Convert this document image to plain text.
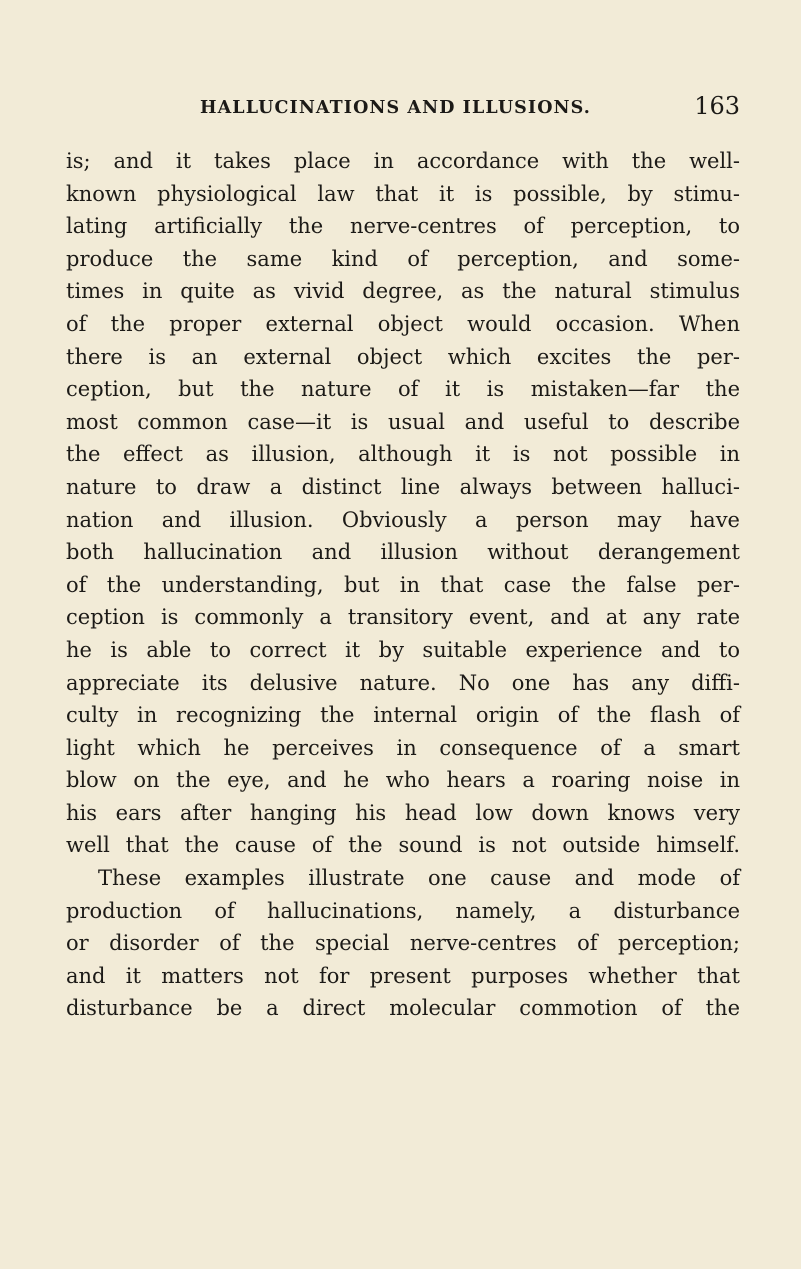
HALLUCINATIONS AND ILLUSIONS.	163
is; and it takes place in accordance with the well-
known physiological law that it is possible, by stimu-
lating artificially the nerve-centres of perception, to
produce the same kind of perception, and some-
times in quite as vivid degree, as the natural stimulus
of the proper external object would occasion. When
there is an external object which excites the per-
ception, but the nature of it is mistaken—far the
most common case—it is usual and useful to describe
the effect as illusion, although it is not possible in
nature to draw a distinct line always between halluci-
nation and illusion. Obviously a person may have
both hallucination and illusion without derangement
of the understanding, but in that case the false per-
ception is commonly a transitory event, and at any rate
he is able to correct it by suitable experience and to
appreciate its delusive nature. No one has any diffi-
culty in recognizing the internal origin of the flash of
light which he perceives in consequence of a smart
blow on the eye, and he who hears a roaring noise in
his ears after hanging his head low down knows very
well that the cause of the sound is not outside himself.
These examples illustrate one cause and mode of
production of hallucinations, namely, a disturbance
or disorder of the special nerve-centres of perception;
and it matters not for present purposes whether that
disturbance be a direct molecular commotion of the
